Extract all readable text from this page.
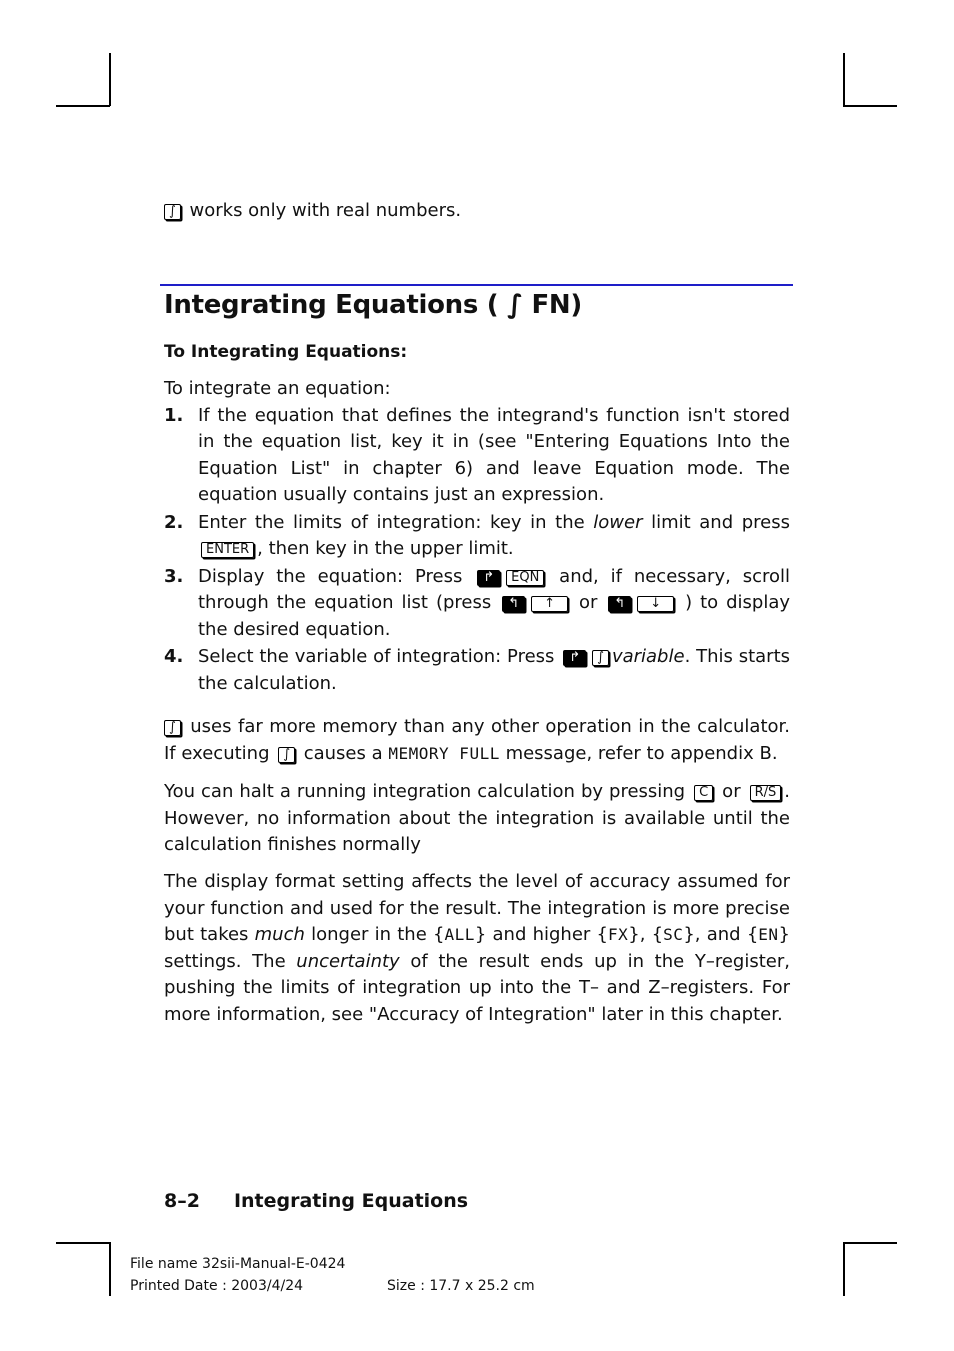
∫ works only with real numbers.
Integrating Equations ( ∫ FN)
To Integrating Equations:
To integrate an equation:
1. If the equation that defines the integrand's function isn't stored in the equation list, key it in (see "Entering Equations Into the Equation List" in chapter 6) and leave Equation mode. The equation usually contains just an expression.
2. Enter the limits of integration: key in the lower limit and press ENTER , then key in the upper limit.
3. Display the equation: Press ↱ EQN and, if necessary, scroll through the equation list (press ↰ ↑ or ↰ ↓ ) to display the desired equation.
4. Select the variable of integration: Press ↱ ∫ variable. This starts the calculation.
∫ uses far more memory than any other operation in the calculator. If executing ∫ causes a MEMORY FULL message, refer to appendix B.
You can halt a running integration calculation by pressing C or R/S . However, no information about the integration is available until the calculation finishes normally
The display format setting affects the level of accuracy assumed for your function and used for the result. The integration is more precise but takes much longer in the {ALL} and higher {FX}, {SC}, and {EN} settings. The uncertainty of the result ends up in the Y–register, pushing the limits of integration up into the T– and Z–registers. For more information, see "Accuracy of Integration" later in this chapter.
8–2 Integrating Equations
File name 32sii-Manual-E-0424
Printed Date : 2003/4/24	Size : 17.7 x 25.2 cm
